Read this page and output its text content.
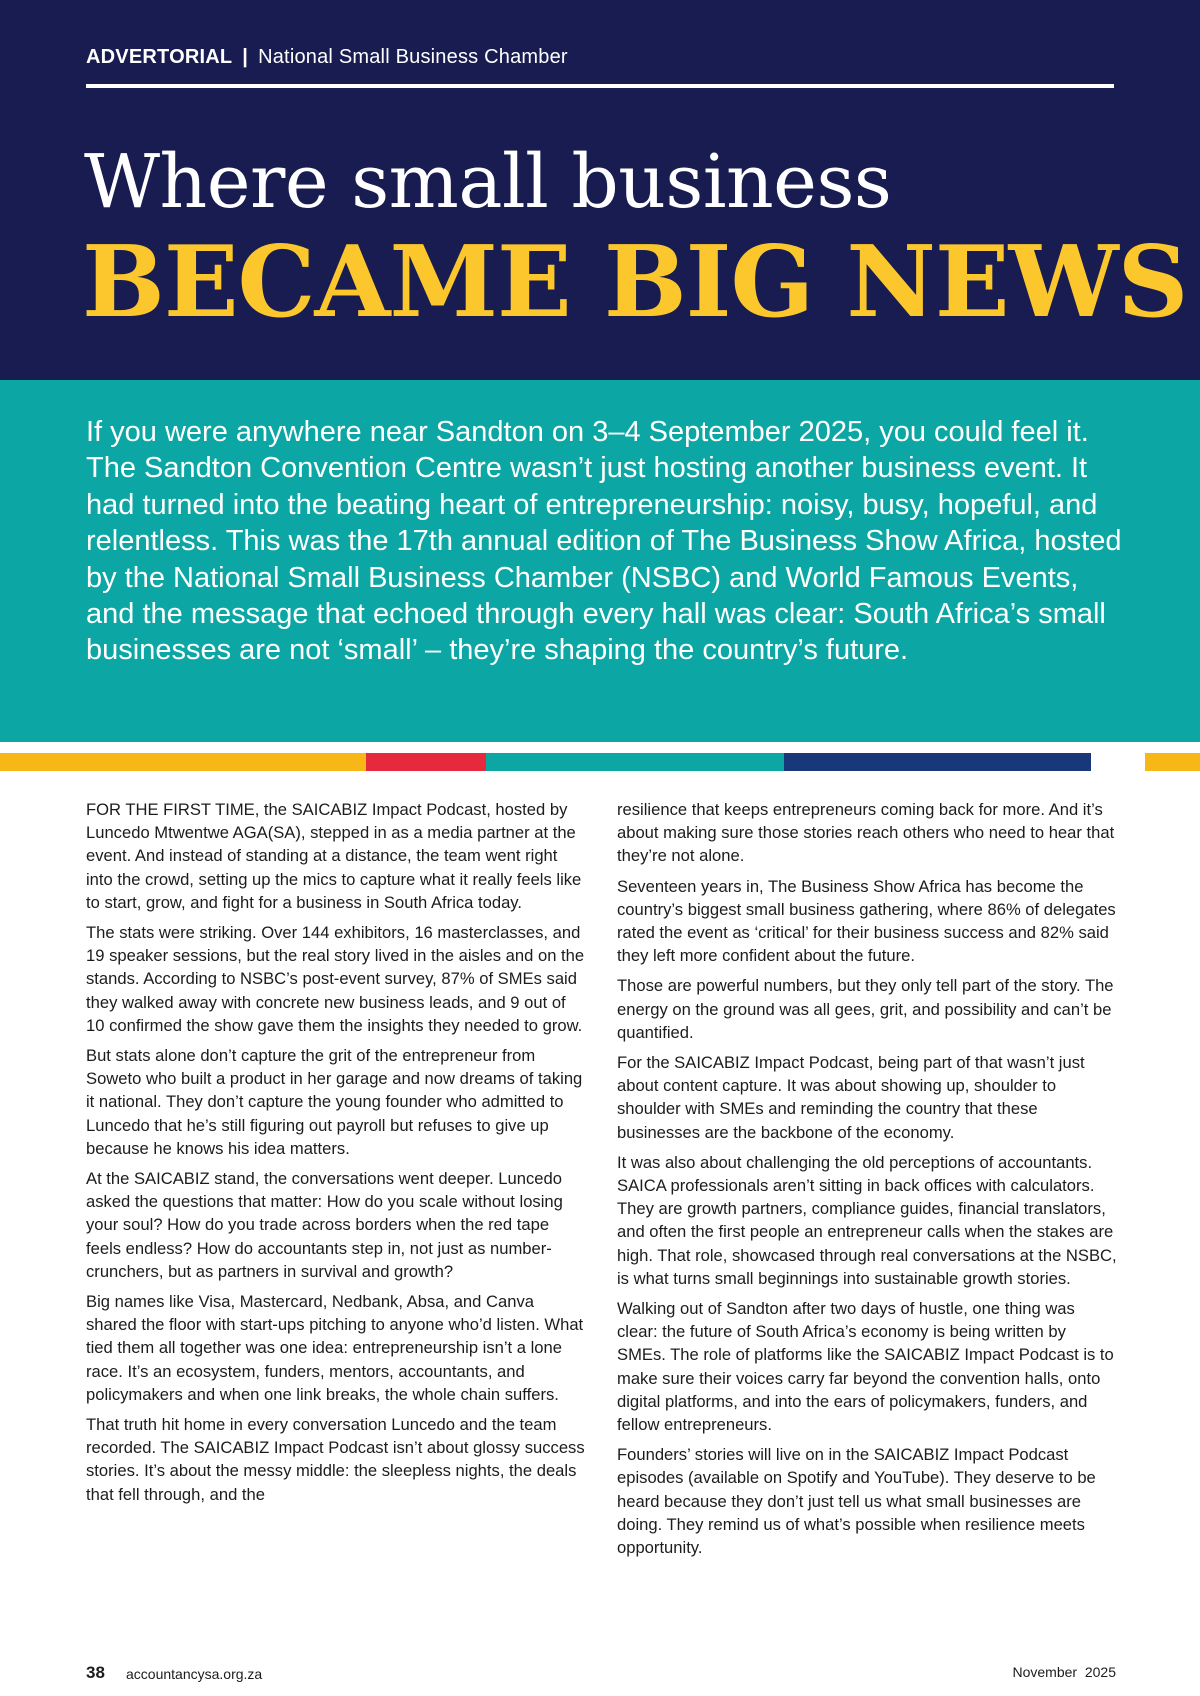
ADVERTORIAL | National Small Business Chamber
Where small business
BECAME BIG NEWS

If you were anywhere near Sandton on 3–4 September 2025, you could feel it. The Sandton Convention Centre wasn’t just hosting another business event. It had turned into the beating heart of entrepreneurship: noisy, busy, hopeful, and relentless. This was the 17th annual edition of The Business Show Africa, hosted by the National Small Business Chamber (NSBC) and World Famous Events, and the message that echoed through every hall was clear: South Africa’s small businesses are not ‘small’ – they’re shaping the country’s future.

FOR THE FIRST TIME, the SAICABIZ Impact Podcast, hosted by Luncedo Mtwentwe AGA(SA), stepped in as a media partner at the event. And instead of standing at a distance, the team went right into the crowd, setting up the mics to capture what it really feels like to start, grow, and fight for a business in South Africa today.

The stats were striking. Over 144 exhibitors, 16 masterclasses, and 19 speaker sessions, but the real story lived in the aisles and on the stands. According to NSBC’s post-event survey, 87% of SMEs said they walked away with concrete new business leads, and 9 out of 10 confirmed the show gave them the insights they needed to grow.

But stats alone don’t capture the grit of the entrepreneur from Soweto who built a product in her garage and now dreams of taking it national. They don’t capture the young founder who admitted to Luncedo that he’s still figuring out payroll but refuses to give up because he knows his idea matters.

At the SAICABIZ stand, the conversations went deeper. Luncedo asked the questions that matter: How do you scale without losing your soul? How do you trade across borders when the red tape feels endless? How do accountants step in, not just as number-crunchers, but as partners in survival and growth?

Big names like Visa, Mastercard, Nedbank, Absa, and Canva shared the floor with start-ups pitching to anyone who’d listen. What tied them all together was one idea: entrepreneurship isn’t a lone race. It’s an ecosystem, funders, mentors, accountants, and policymakers and when one link breaks, the whole chain suffers.

That truth hit home in every conversation Luncedo and the team recorded. The SAICABIZ Impact Podcast isn’t about glossy success stories. It’s about the messy middle: the sleepless nights, the deals that fell through, and the

resilience that keeps entrepreneurs coming back for more. And it’s about making sure those stories reach others who need to hear that they’re not alone.

Seventeen years in, The Business Show Africa has become the country’s biggest small business gathering, where 86% of delegates rated the event as ‘critical’ for their business success and 82% said they left more confident about the future.

Those are powerful numbers, but they only tell part of the story. The energy on the ground was all gees, grit, and possibility and can’t be quantified.

For the SAICABIZ Impact Podcast, being part of that wasn’t just about content capture. It was about showing up, shoulder to shoulder with SMEs and reminding the country that these businesses are the backbone of the economy.

It was also about challenging the old perceptions of accountants. SAICA professionals aren’t sitting in back offices with calculators. They are growth partners, compliance guides, financial translators, and often the first people an entrepreneur calls when the stakes are high. That role, showcased through real conversations at the NSBC, is what turns small beginnings into sustainable growth stories.

Walking out of Sandton after two days of hustle, one thing was clear: the future of South Africa’s economy is being written by SMEs. The role of platforms like the SAICABIZ Impact Podcast is to make sure their voices carry far beyond the convention halls, onto digital platforms, and into the ears of policymakers, funders, and fellow entrepreneurs.

Founders’ stories will live on in the SAICABIZ Impact Podcast episodes (available on Spotify and YouTube). They deserve to be heard because they don’t just tell us what small businesses are doing. They remind us of what’s possible when resilience meets opportunity.

38 accountancysa.org.za	November  2025
